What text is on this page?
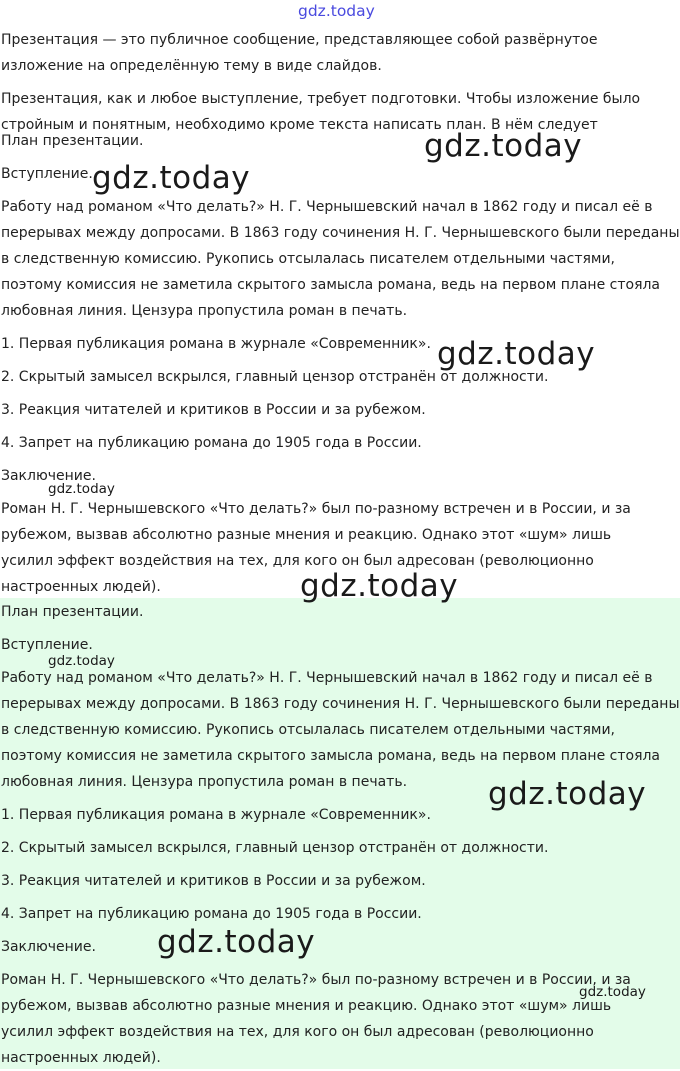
gdz.today

Презентация — это публичное сообщение, представляющее собой развёрнутое

изложение на определённую тему в виде слайдов.

Презентация, как и любое выступление, требует подготовки. Чтобы изложение было

стройным и понятным, необходимо кроме текста написать план. В нём следует

План презентации.

Вступление.

Работу над романом «Что делать?» Н. Г. Чернышевский начал в 1862 году и писал её в

перерывах между допросами. В 1863 году сочинения Н. Г. Чернышевского были переданы

в следственную комиссию. Рукопись отсылалась писателем отдельными частями,

поэтому комиссия не заметила скрытого замысла романа, ведь на первом плане стояла

любовная линия. Цензура пропустила роман в печать.

1. Первая публикация романа в журнале «Современник».

2. Скрытый замысел вскрылся, главный цензор отстранён от должности.

3. Реакция читателей и критиков в России и за рубежом.

4. Запрет на публикацию романа до 1905 года в России.

Заключение.

Роман Н. Г. Чернышевского «Что делать?» был по-разному встречен и в России, и за

рубежом, вызвав абсолютно разные мнения и реакцию. Однако этот «шум» лишь

усилил эффект воздействия на тех, для кого он был адресован (революционно

настроенных людей).

План презентации.

Вступление.

Работу над романом «Что делать?» Н. Г. Чернышевский начал в 1862 году и писал её в

перерывах между допросами. В 1863 году сочинения Н. Г. Чернышевского были переданы

в следственную комиссию. Рукопись отсылалась писателем отдельными частями,

поэтому комиссия не заметила скрытого замысла романа, ведь на первом плане стояла

любовная линия. Цензура пропустила роман в печать.

1. Первая публикация романа в журнале «Современник».

2. Скрытый замысел вскрылся, главный цензор отстранён от должности.

3. Реакция читателей и критиков в России и за рубежом.

4. Запрет на публикацию романа до 1905 года в России.

Заключение.

Роман Н. Г. Чернышевского «Что делать?» был по-разному встречен и в России, и за

рубежом, вызвав абсолютно разные мнения и реакцию. Однако этот «шум» лишь

усилил эффект воздействия на тех, для кого он был адресован (революционно

настроенных людей).

gdz.today
gdz.today
gdz.today
gdz.today
gdz.today
gdz.today
gdz.today
gdz.today
gdz.today
